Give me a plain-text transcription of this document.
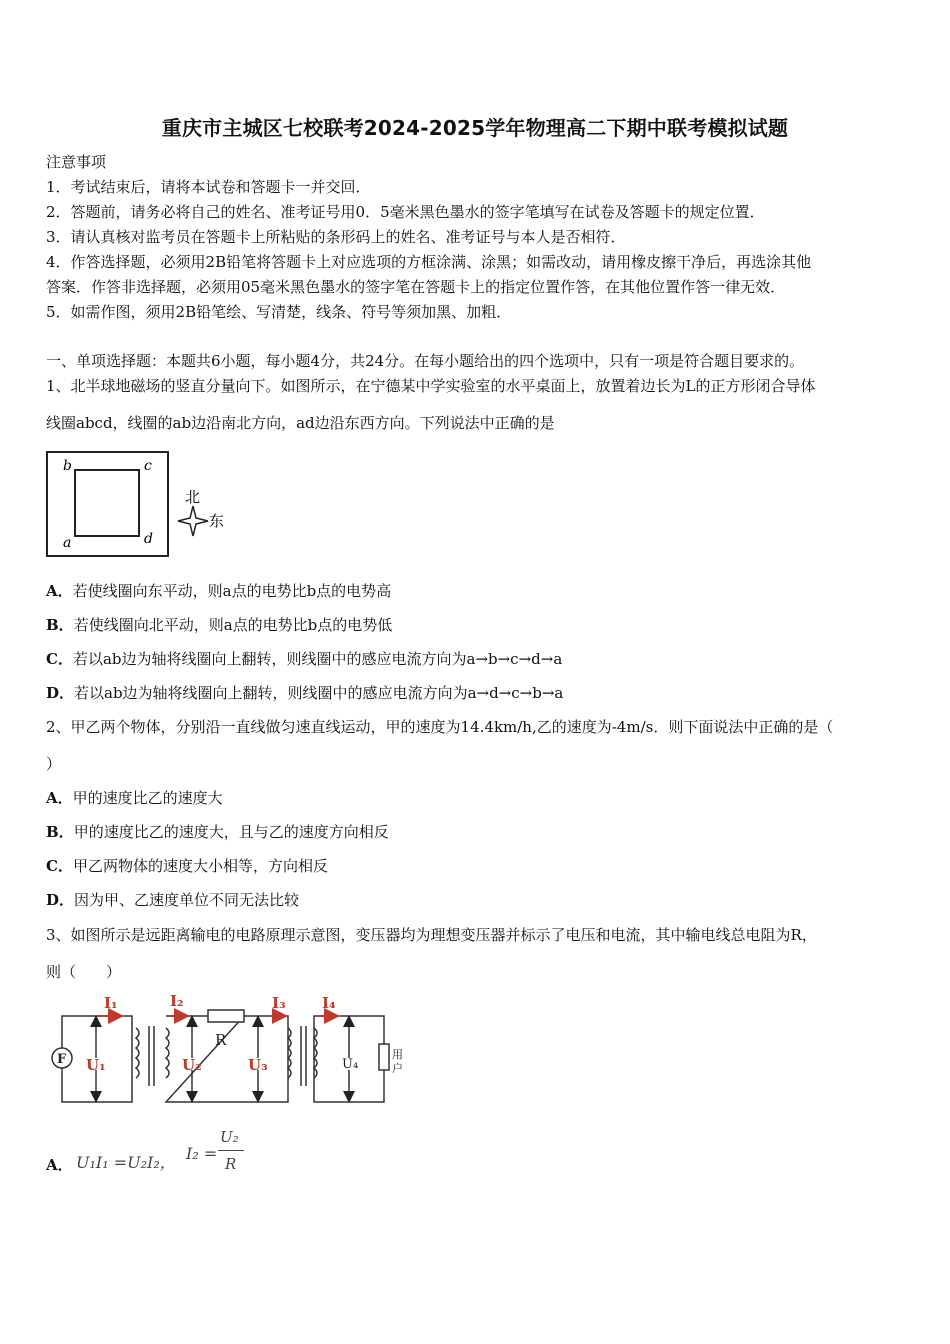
重庆市主城区七校联考2024-2025学年物理高二下期中联考模拟试题
注意事项
1．考试结束后，请将本试卷和答题卡一并交回．
2．答题前，请务必将自己的姓名、准考证号用0．5毫米黑色墨水的签字笔填写在试卷及答题卡的规定位置．
3．请认真核对监考员在答题卡上所粘贴的条形码上的姓名、准考证号与本人是否相符．
4．作答选择题，必须用2B铅笔将答题卡上对应选项的方框涂满、涂黑；如需改动，请用橡皮擦干净后，再选涂其他
答案．作答非选择题，必须用05毫米黑色墨水的签字笔在答题卡上的指定位置作答，在其他位置作答一律无效．
5．如需作图，须用2B铅笔绘、写清楚，线条、符号等须加黑、加粗．
一、单项选择题：本题共6小题，每小题4分，共24分。在每小题给出的四个选项中，只有一项是符合题目要求的。
1、北半球地磁场的竖直分量向下。如图所示，在宁德某中学实验室的水平桌面上，放置着边长为L的正方形闭合导体
线圈abcd，线圈的ab边沿南北方向，ad边沿东西方向。下列说法中正确的是
b	c
a	d
北
东
A．若使线圈向东平动，则a点的电势比b点的电势高
B．若使线圈向北平动，则a点的电势比b点的电势低
C．若以ab边为轴将线圈向上翻转，则线圈中的感应电流方向为a→b→c→d→a
D．若以ab边为轴将线圈向上翻转，则线圈中的感应电流方向为a→d→c→b→a
2、甲乙两个物体，分别沿一直线做匀速直线运动，甲的速度为14.4km/h,乙的速度为-4m/s．则下面说法中正确的是（
）
A．甲的速度比乙的速度大
B．甲的速度比乙的速度大，且与乙的速度方向相反
C．甲乙两物体的速度大小相等，方向相反
D．因为甲、乙速度单位不同无法比较
3、如图所示是远距离输电的电路原理示意图，变压器均为理想变压器并标示了电压和电流，其中输电线总电阻为R，
则（　　）
I₁	I₂	I₃ I₄
U₁	U₂	U₃	U₄
F
R
用
户
A． U₁I₁ =U₂I₂， I₂ =
U₂
R
